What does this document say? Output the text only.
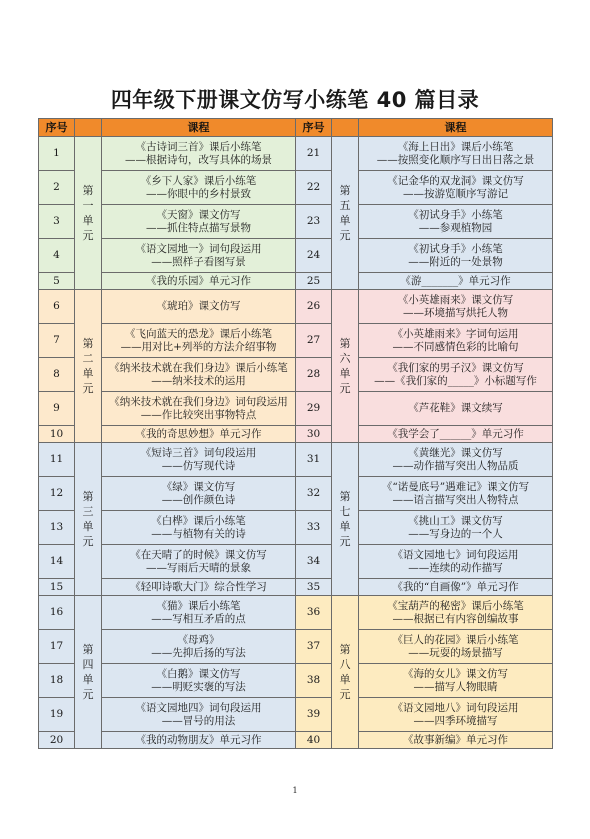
四年级下册课文仿写小练笔 40 篇目录
序号		课程	序号		课程
1	第
一
单
元	《古诗词三首》课后小练笔
——根据诗句，改写具体的场景	21	第
五
单
元	《海上日出》课后小练笔
——按照变化顺序写日出日落之景

2		《乡下人家》课后小练笔
——你眼中的乡村景致	22		《记金华的双龙洞》课文仿写
——按游览顺序写游记

3		《天窗》课文仿写
——抓住特点描写景物	23		《初试身手》小练笔
——参观植物园

4		《语文园地一》词句段运用
——照样子看图写景	24		《初试身手》小练笔
——附近的一处景物

5		《我的乐园》单元习作	25		《游_______》单元习作

6	第
二
单
元	《琥珀》课文仿写	26	第
六
单
元	《小英雄雨来》课文仿写
——环境描写烘托人物

7		《飞向蓝天的恐龙》课后小练笔
——用对比+列举的方法介绍事物	27		《小英雄雨来》字词句运用
——不同感情色彩的比喻句

8		《纳米技术就在我们身边》课后小练笔
——纳米技术的运用	28		《我们家的男子汉》课文仿写
——《我们家的_____》小标题写作

9		《纳米技术就在我们身边》词句段运用
——作比较突出事物特点	29		《芦花鞋》课文续写

10		《我的奇思妙想》单元习作	30		《我学会了______》单元习作

11	第
三
单
元	《短诗三首》词句段运用
——仿写现代诗	31	第
七
单
元	《黄继光》课文仿写
——动作描写突出人物品质

12		《绿》课文仿写
——创作颜色诗	32		《“诺曼底号”遇难记》课文仿写
——语言描写突出人物特点

13		《白桦》课后小练笔
——与植物有关的诗	33		《挑山工》课文仿写
——写身边的一个人

14		《在天晴了的时候》课文仿写
——写雨后天晴的景象	34		《语文园地七》词句段运用
——连续的动作描写

15		《轻叩诗歌大门》综合性学习	35		《我的“自画像”》单元习作

16	第
四
单
元	《猫》课后小练笔
——写相互矛盾的点	36	第
八
单
元	《宝葫芦的秘密》课后小练笔
——根据已有内容创编故事

17		《母鸡》
——先抑后扬的写法	37		《巨人的花园》课后小练笔
——玩耍的场景描写

18		《白鹅》课文仿写
——明贬实褒的写法	38		《海的女儿》课文仿写
——描写人物眼睛

19		《语文园地四》词句段运用
——冒号的用法	39		《语文园地八》词句段运用
——四季环境描写

20		《我的动物朋友》单元习作	40		《故事新编》单元习作
1
